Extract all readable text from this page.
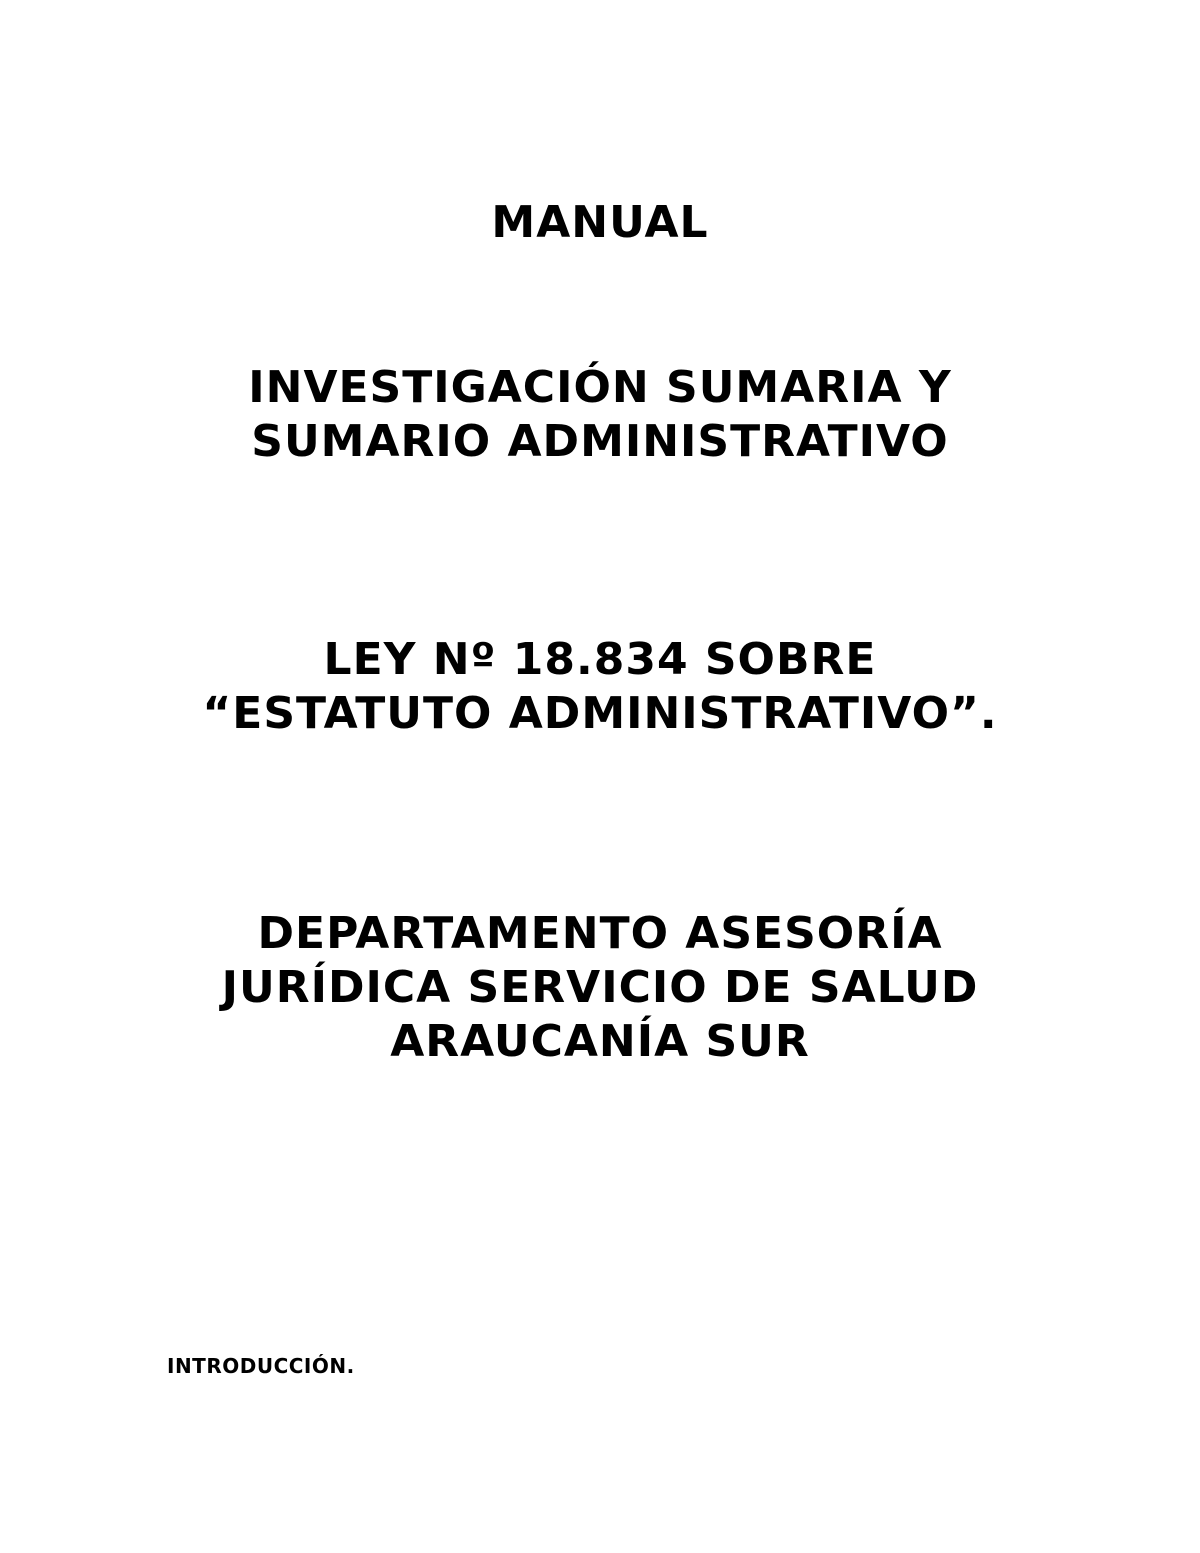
MANUAL
INVESTIGACIÓN SUMARIA Y
SUMARIO ADMINISTRATIVO
LEY Nº 18.834 SOBRE
“ESTATUTO ADMINISTRATIVO”.
DEPARTAMENTO ASESORÍA
JURÍDICA SERVICIO DE SALUD
ARAUCANÍA SUR
INTRODUCCIÓN.
